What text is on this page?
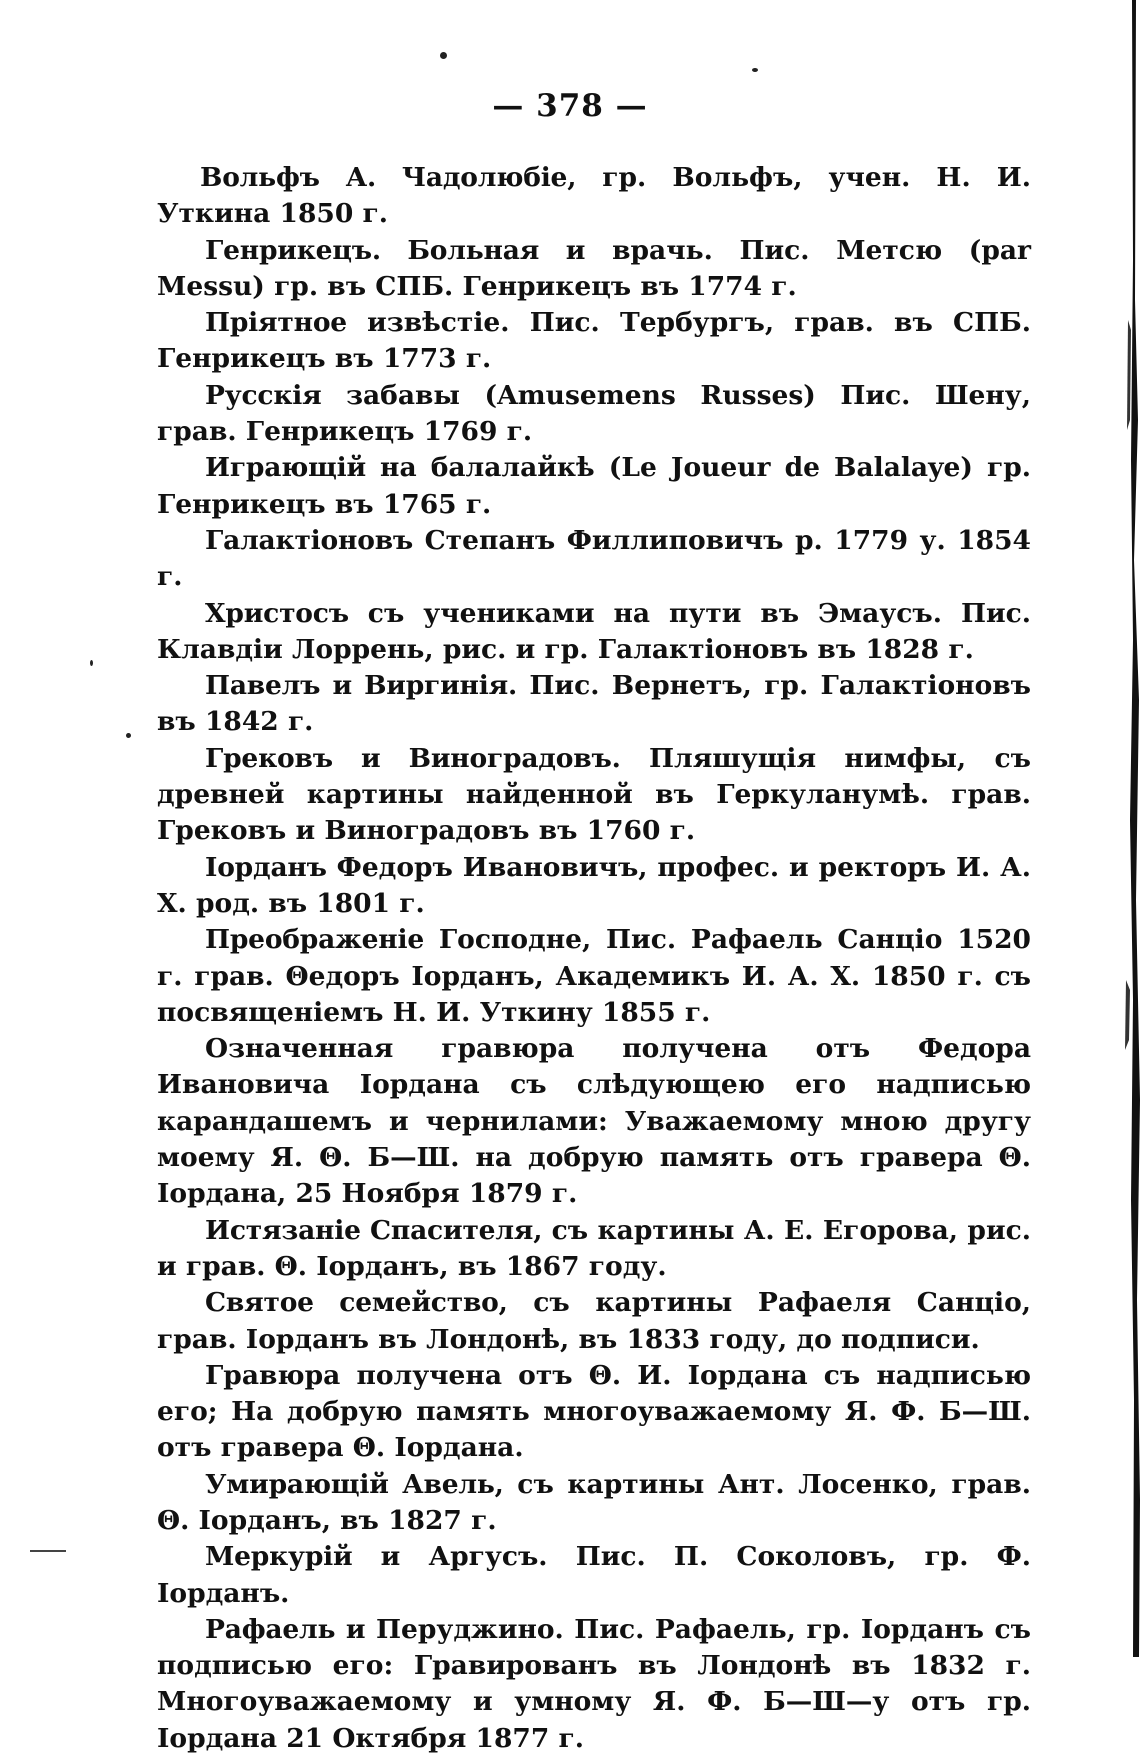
— 378 —

Вольфъ А. Чадолюбіе, гр. Вольфъ, учен. Н. И. Уткина 1850 г.

Генрикецъ. Больная и врачь. Пис. Метсю (par Messu) гр. въ СПБ. Генрикецъ въ 1774 г.

Пріятное извѣстіе. Пис. Тербургъ, грав. въ СПБ. Генрикецъ въ 1773 г.

Русскія забавы (Amusemens Russes) Пис. Шену, грав. Генрикецъ 1769 г.

Играющій на балалайкѣ (Le Joueur de Balalaye) гр. Генрикецъ въ 1765 г.

Галактіоновъ Степанъ Филлиповичъ р. 1779 у. 1854 г.

Христосъ съ учениками на пути въ Эмаусъ. Пис. Клавдіи Лоррень, рис. и гр. Галактіоновъ въ 1828 г.

Павелъ и Виргинія. Пис. Вернетъ, гр. Галактіоновъ въ 1842 г.

Грековъ и Виноградовъ. Пляшущія нимфы, съ древней картины найденной въ Геркуланумѣ. грав. Грековъ и Виноградовъ въ 1760 г.

Іорданъ Федоръ Ивановичъ, профес. и ректоръ И. А. Х. род. въ 1801 г.

Преображеніе Господне, Пис. Рафаель Санціо 1520 г. грав. Θедоръ Іорданъ, Академикъ И. А. Х. 1850 г. съ посвященіемъ Н. И. Уткину 1855 г.

Означенная гравюра получена отъ Федора Ивановича Іордана съ слѣдующею его надписью карандашемъ и чернилами: Уважаемому мною другу моему Я. Θ. Б—Ш. на добрую память отъ гравера Θ. Іордана, 25 Ноября 1879 г.

Истязаніе Спасителя, съ картины А. Е. Егорова, рис. и грав. Θ. Іорданъ, въ 1867 году.

Святое семейство, съ картины Рафаеля Санціо, грав. Іорданъ въ Лондонѣ, въ 1833 году, до подписи.

Гравюра получена отъ Θ. И. Іордана съ надписью его; На добрую память многоуважаемому Я. Ф. Б—Ш. отъ гравера Θ. Іордана.

Умирающій Авель, съ картины Ант. Лосенко, грав. Θ. Іорданъ, въ 1827 г.

Меркурій и Аргусъ. Пис. П. Соколовъ, гр. Ф. Іорданъ.

Рафаель и Перуджино. Пис. Рафаель, гр. Іорданъ съ подписью его: Гравированъ въ Лондонѣ въ 1832 г. Многоуважаемому и умному Я. Ф. Б—Ш—у отъ гр. Іордана 21 Октября 1877 г.
